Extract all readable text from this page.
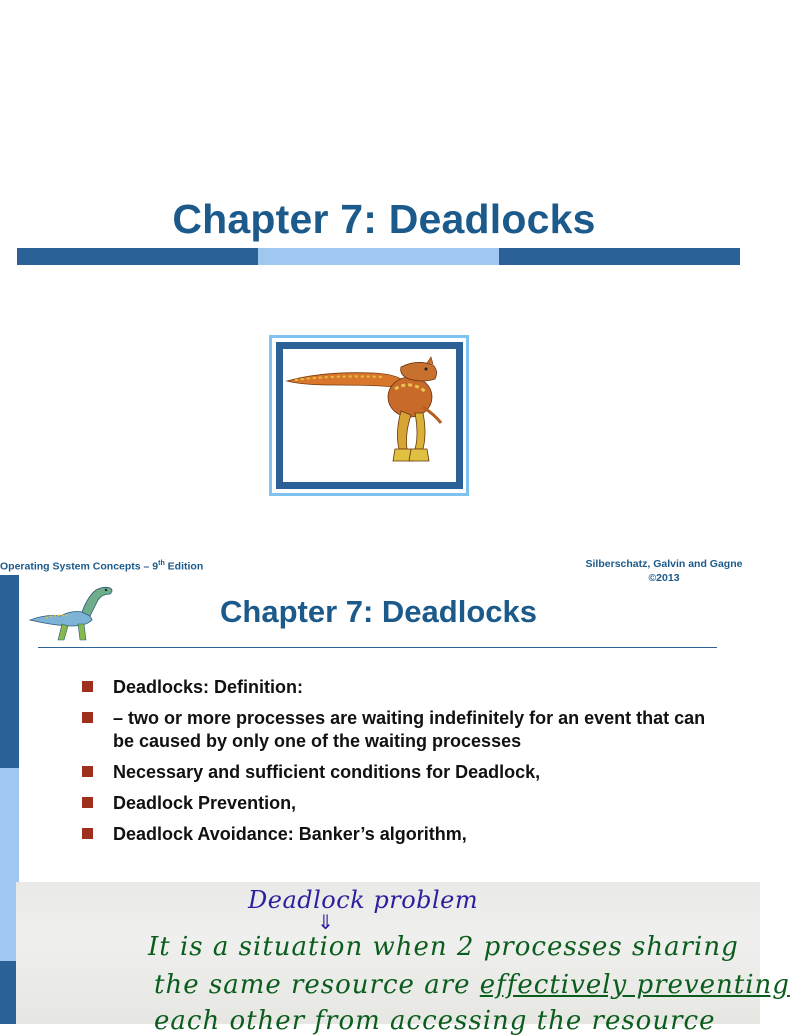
Chapter 7: Deadlocks
Operating System Concepts – 9th Edition	Silberschatz, Galvin and Gagne
©2013
Chapter 7: Deadlocks
Deadlocks: Definition:
– two or more processes are waiting indefinitely for an event that can be caused by only one of the waiting processes
Necessary and sufficient conditions for Deadlock,
Deadlock Prevention,
Deadlock Avoidance: Banker’s algorithm,
Deadlock problem
⇓
It is a situation when 2 processes sharing
the same resource are effectively preventing
each other from accessing the resource
